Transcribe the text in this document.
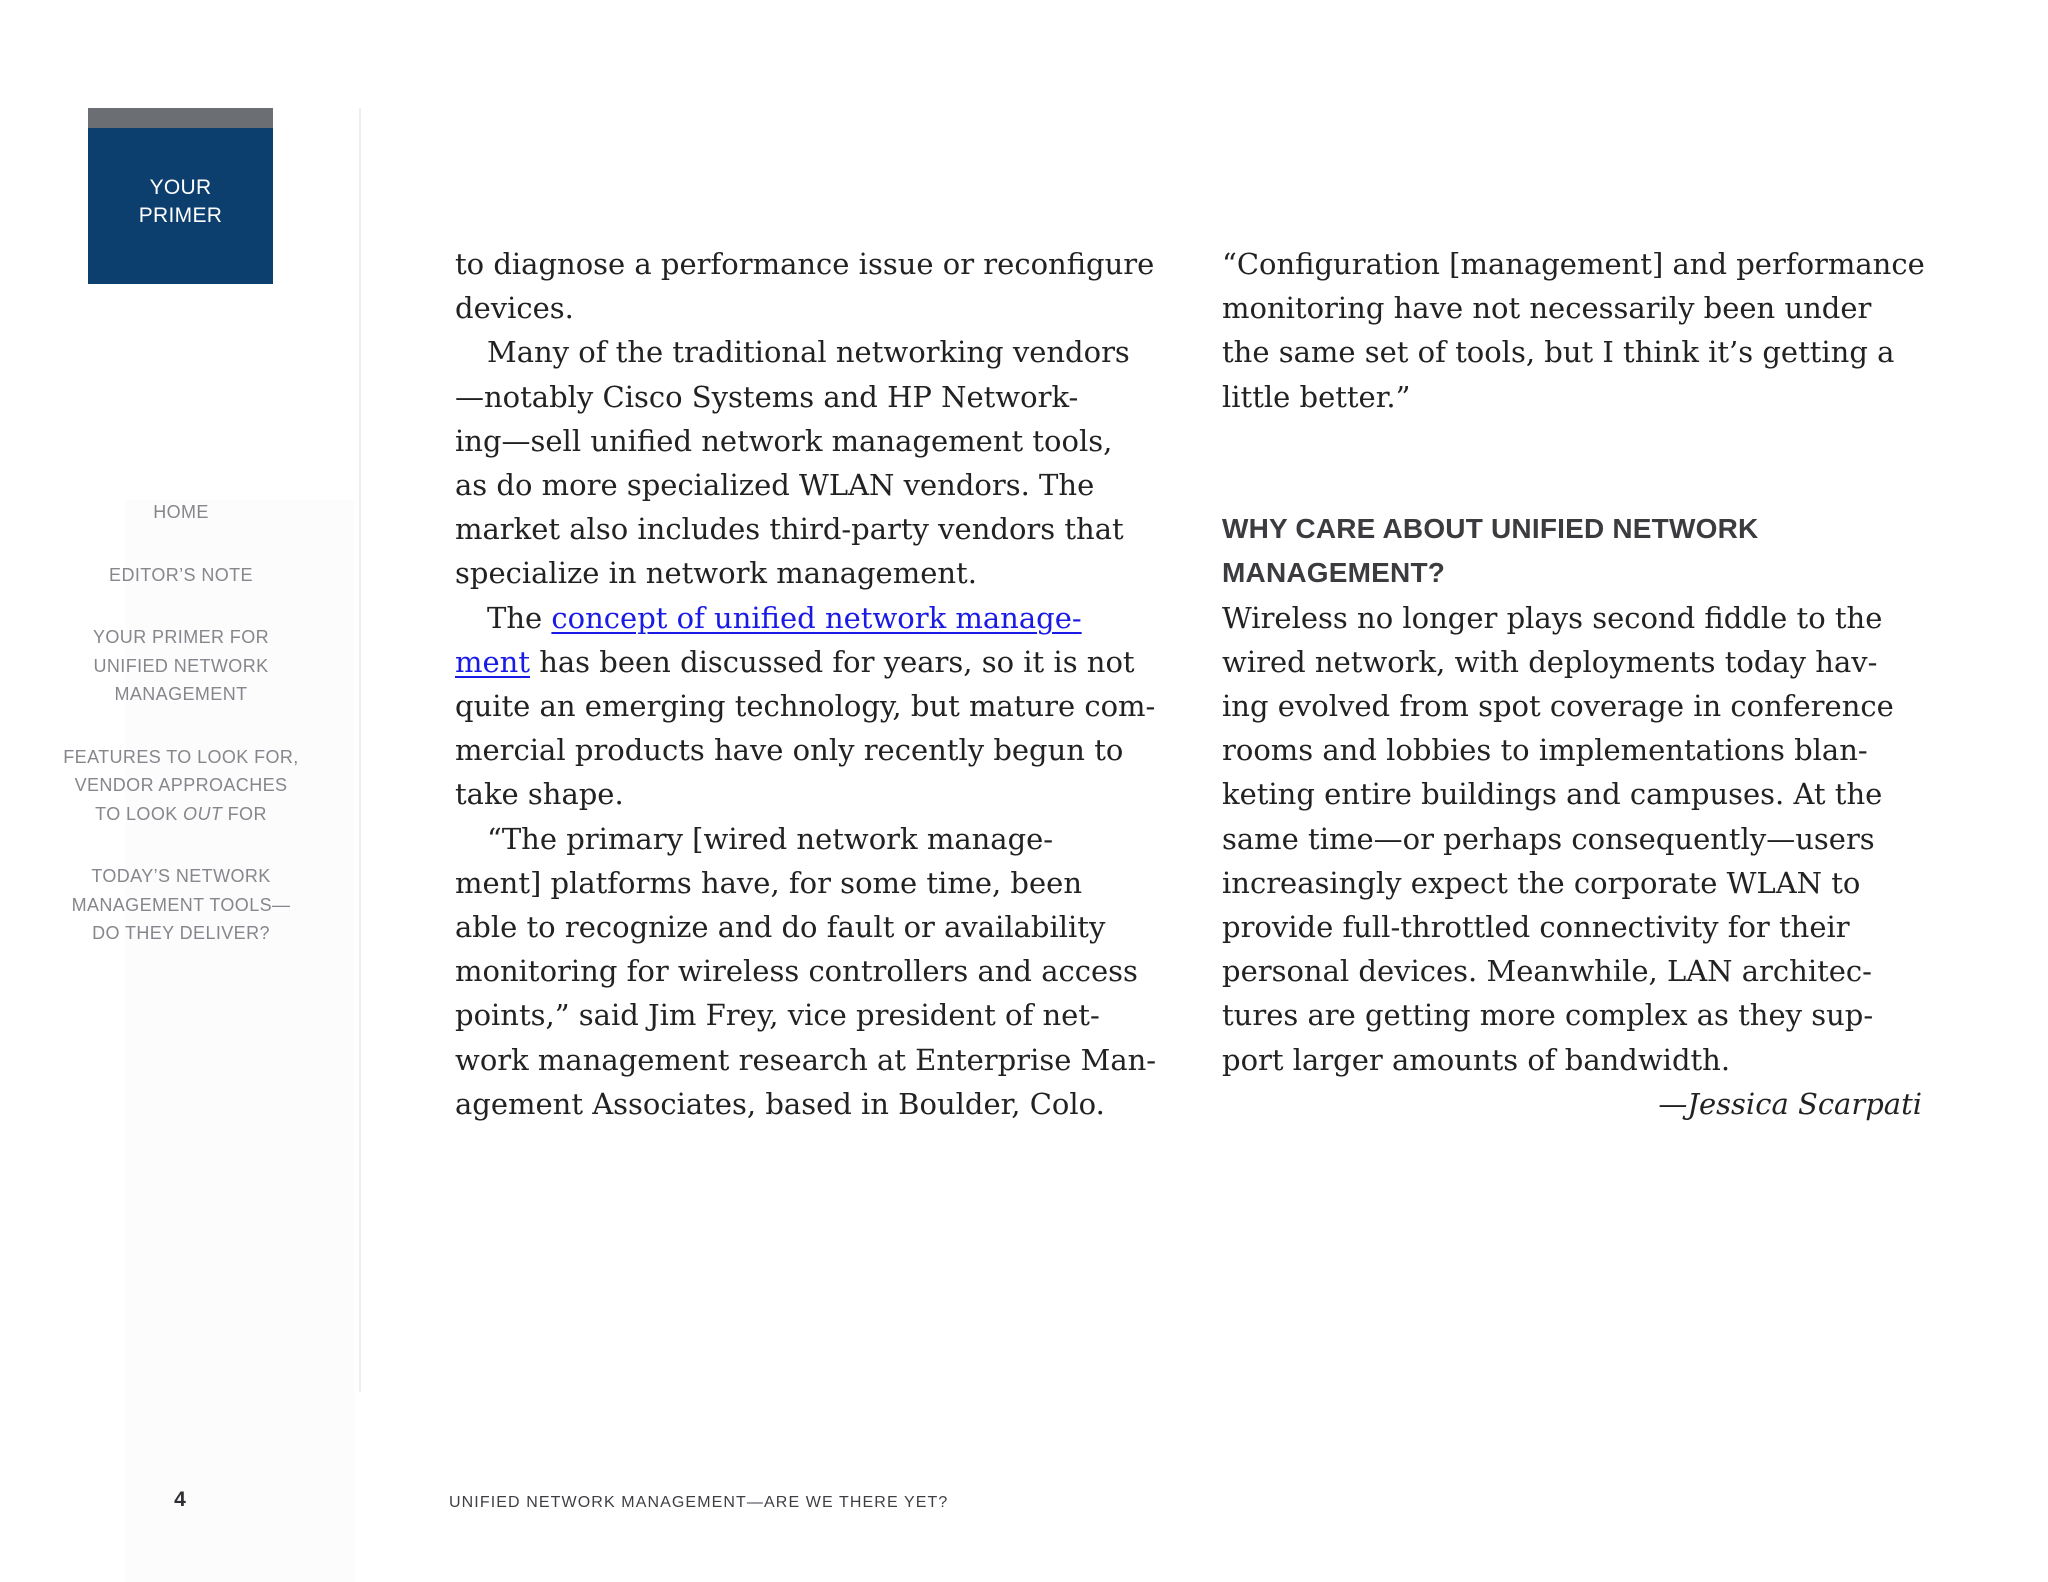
YOUR
PRIMER
HOME
EDITOR’S NOTE
YOUR PRIMER FOR
UNIFIED NETWORK
MANAGEMENT
FEATURES TO LOOK FOR,
VENDOR APPROACHES
TO LOOK OUT FOR
TODAY’S NETWORK
MANAGEMENT TOOLS—
DO THEY DELIVER?
4	UNIFIED NETWORK MANAGEMENT—ARE WE THERE YET?
to diagnose a performance issue or reconfigure
devices.
Many of the traditional networking vendors
—notably Cisco Systems and HP Network-
ing—sell unified network management tools,
as do more specialized WLAN vendors. The
market also includes third-party vendors that
specialize in network management.
The concept of unified network manage-
ment has been discussed for years, so it is not
quite an emerging technology, but mature com-
mercial products have only recently begun to
take shape.
“The primary [wired network manage-
ment] platforms have, for some time, been
able to recognize and do fault or availability
monitoring for wireless controllers and access
points,” said Jim Frey, vice president of net-
work management research at Enterprise Man-
agement Associates, based in Boulder, Colo.
“Configuration [management] and performance
monitoring have not necessarily been under
the same set of tools, but I think it’s getting a
little better.”
WHY CARE ABOUT UNIFIED NETWORK
MANAGEMENT?
Wireless no longer plays second fiddle to the
wired network, with deployments today hav-
ing evolved from spot coverage in conference
rooms and lobbies to implementations blan-
keting entire buildings and campuses. At the
same time—or perhaps consequently—users
increasingly expect the corporate WLAN to
provide full-throttled connectivity for their
personal devices. Meanwhile, LAN architec-
tures are getting more complex as they sup-
port larger amounts of bandwidth.
—Jessica Scarpati
